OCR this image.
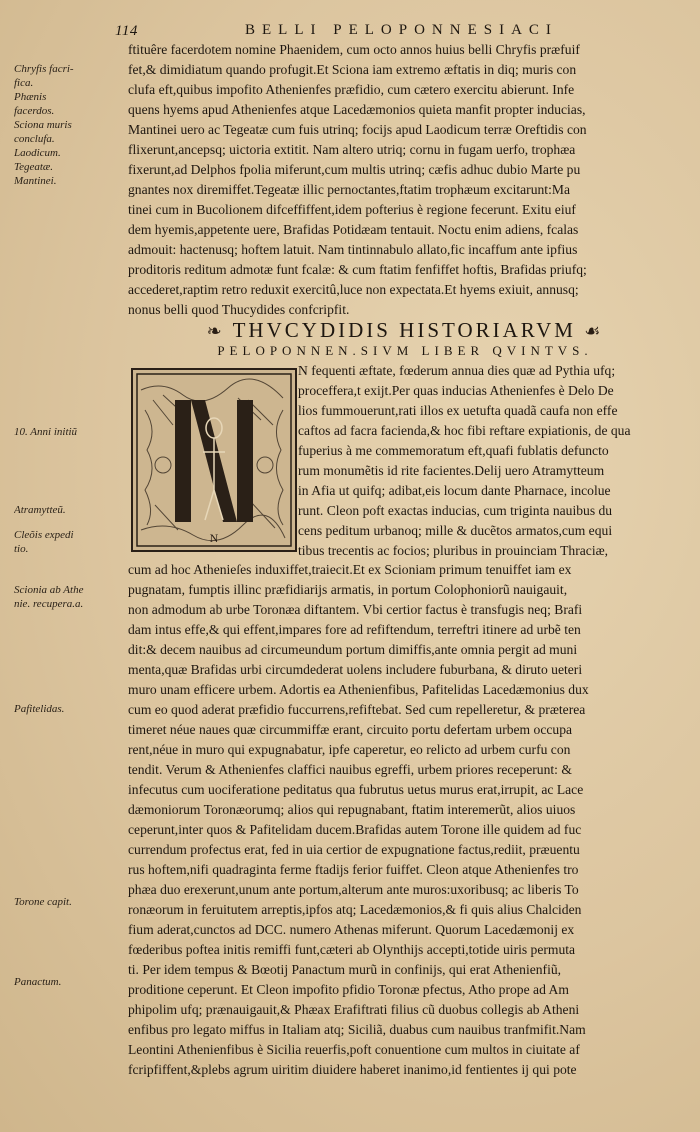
114	BELLI PELOPONNESIACI
Chryfis facri-
fica.
Phænis
facerdos.
Sciona muris
conclufa.
Laodicum.
Tegeatæ.
Mantinei.
10. Anni initiũ
Atramytteũ.
Cleõis expedi
tio.
Scionia ab Athe
nie. recupera.a.
Pafitelidas.
Torone capit.
Panactum.
ftituêre facerdotem nomine Phaenidem, cum octo annos huius belli Chryfis præfuif
fet,& dimidiatum quando profugit.Et Sciona iam extremo æftatis in diq; muris con
clufa eft,quibus impofito Athenienfes præfidio, cum cætero exercitu abierunt. Infe
quens hyems apud Athenienfes atque Lacedæmonios quieta manfit propter inducias,
Mantinei uero ac Tegeatæ cum fuis utrinq; focijs apud Laodicum terræ Oreftidis con
flixerunt,ancepsq; uictoria extitit. Nam altero utriq; cornu in fugam uerfo, trophæa
fixerunt,ad Delphos fpolia miferunt,cum multis utrinq; cæfis adhuc dubio Marte pu
gnantes nox diremiffet.Tegeatæ illic pernoctantes,ftatim trophæum excitarunt:Ma
tinei cum in Bucolionem difceffiffent,idem pofterius è regione fecerunt. Exitu eiuf
dem hyemis,appetente uere, Brafidas Potidæam tentauit. Noctu enim adiens, fcalas
admouit: hactenusq; hoftem latuit. Nam tintinnabulo allato,fic incaffum ante ipfius
proditoris reditum admotæ funt fcalæ: & cum ftatim fenfiffet hoftis, Brafidas priufq;
accederet,raptim retro reduxit exercitû,luce non expectata.Et hyems exiuit, annusq;
nonus belli quod Thucydides confcripfit.
❧ THVCYDIDIS HISTORIARVM ☙
PELOPONNEN.SIVM LIBER QVINTVS.
N
N fequenti æftate, fœderum annua dies quæ ad Pythia ufq;
proceffera,t exijt.Per quas inducias Athenienfes è Delo De
lios fummouerunt,rati illos ex uetufta quadã caufa non effe
caftos ad facra facienda,& hoc fibi reftare expiationis, de qua
fuperius à me commemoratum eft,quafi fublatis defuncto
rum monumẽtis id rite facientes.Delij uero Atramytteum
in Afia ut quifq; adibat,eis locum dante Pharnace, incolue
runt. Cleon poft exactas inducias, cum triginta nauibus du
cens peditum urbanoq; mille & ducẽtos armatos,cum equi
tibus trecentis ac focios; pluribus in prouinciam Thraciæ,
cum ad hoc Athenieſes induxiffet,traiecit.Et ex Scioniam primum tenuiffet iam ex
pugnatam, fumptis illinc præfidiarijs armatis, in portum Colophoniorũ nauigauit,
non admodum ab urbe Toronæa diftantem. Vbi certior factus è transfugis neq; Brafi
dam intus effe,& qui effent,impares fore ad refiftendum, terreftri itinere ad urbẽ ten
dit:& decem nauibus ad circumeundum portum dimiffis,ante omnia pergit ad muni
menta,quæ Brafidas urbi circumdederat uolens includere fuburbana, & diruto ueteri
muro unam efficere urbem. Adortis ea Athenienfibus, Pafitelidas Lacedæmonius dux
cum eo quod aderat præfidio fuccurrens,refiftebat. Sed cum repelleretur, & præterea
timeret néue naues quæ circummiffæ erant, circuito portu defertam urbem occupa
rent,néue in muro qui expugnabatur, ipfe caperetur, eo relicto ad urbem curfu con
tendit. Verum & Athenienfes claffici nauibus egreffi, urbem priores receperunt: &
infecutus cum uociferatione peditatus qua fubrutus uetus murus erat,irrupit, ac Lace
dæmoniorum Toronæorumq; alios qui repugnabant, ftatim interemerũt, alios uiuos
ceperunt,inter quos & Pafitelidam ducem.Brafidas autem Torone ille quidem ad fuc
currendum profectus erat, fed in uia certior de expugnatione factus,rediit, præuentu
rus hoftem,nifi quadraginta ferme ftadijs ferior fuiffet. Cleon atque Athenienfes tro
phæa duo erexerunt,unum ante portum,alterum ante muros:uxoribusq; ac liberis To
ronæorum in feruitutem arreptis,ipfos atq; Lacedæmonios,& fi quis alius Chalciden
fium aderat,cunctos ad DCC. numero Athenas miferunt. Quorum Lacedæmonij ex
fœderibus poftea initis remiffi funt,cæteri ab Olynthijs accepti,totide uiris permuta
ti. Per idem tempus & Bœotij Panactum murũ in confinijs, qui erat Athenienfiũ,
proditione ceperunt. Et Cleon impofito pfidio Toronæ pfectus, Atho prope ad Am
phipolim ufq; prænauigauit,& Phæax Erafiftrati filius cũ duobus collegis ab Atheni
enfibus pro legato miffus in Italiam atq; Siciliã, duabus cum nauibus tranfmifit.Nam
Leontini Athenienfibus è Sicilia reuerfis,poft conuentione cum multos in ciuitate af
fcripfiffent,&plebs agrum uiritim diuidere haberet inanimo,id fentientes ij qui pote
